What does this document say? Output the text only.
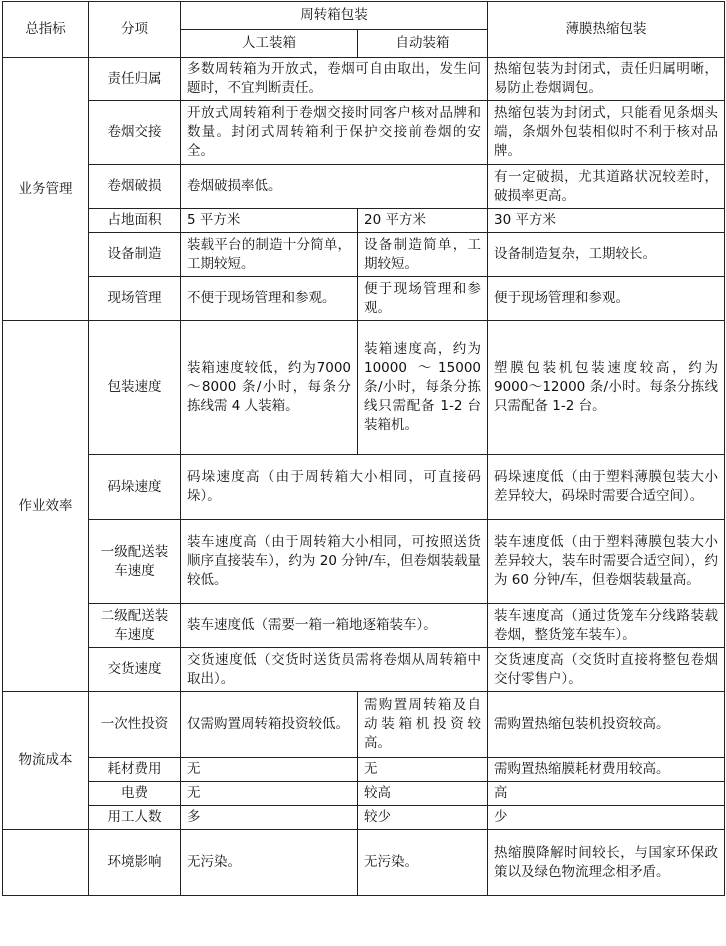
总指标	分项	周转箱包装		薄膜热缩包装
		人工装箱	自动装箱	
业务管理	责任归属	多数周转箱为开放式，卷烟可自由取出，发生问题时，不宜判断责任。		热缩包装为封闭式，责任归属明晰，易防止卷烟调包。
	卷烟交接	开放式周转箱利于卷烟交接时同客户核对品牌和数量。封闭式周转箱利于保护交接前卷烟的安全。		热缩包装为封闭式，只能看见条烟头端，条烟外包装相似时不利于核对品牌。
	卷烟破损	卷烟破损率低。		有一定破损，尤其道路状况较差时，破损率更高。
	占地面积	5 平方米	20 平方米	30 平方米
	设备制造	装载平台的制造十分简单，工期较短。	设备制造简单，工期较短。	设备制造复杂，工期较长。
	现场管理	不便于现场管理和参观。	便于现场管理和参观。	便于现场管理和参观。
作业效率	包装速度	装箱速度较低，约为7000 ～8000 条/小时，每条分拣线需 4 人装箱。	装箱速度高，约为 10000 ～15000条/小时，每条分拣线只需配备 1-2 台装箱机。	塑膜包装机包装速度较高，约为 9000～12000 条/小时。每条分拣线只需配备 1-2 台。
	码垛速度	码垛速度高（由于周转箱大小相同，可直接码垛）。		码垛速度低（由于塑料薄膜包装大小差异较大，码垛时需要合适空间）。
	一级配送装车速度	装车速度高（由于周转箱大小相同，可按照送货顺序直接装车），约为 20 分钟/车，但卷烟装载量较低。		装车速度低（由于塑料薄膜包装大小差异较大，装车时需要合适空间），约为 60 分钟/车，但卷烟装载量高。
	二级配送装车速度	装车速度低（需要一箱一箱地逐箱装车）。		装车速度高（通过货笼车分线路装载卷烟，整货笼车装车）。
	交货速度	交货速度低（交货时送货员需将卷烟从周转箱中取出）。		交货速度高（交货时直接将整包卷烟交付零售户）。
物流成本	一次性投资	仅需购置周转箱投资较低。	需购置周转箱及自动装箱机投资较高。	需购置热缩包装机投资较高。
	耗材费用	无	无	需购置热缩膜耗材费用较高。
	电费	无	较高	高
	用工人数	多	较少	少
	环境影响	无污染。	无污染。	热缩膜降解时间较长，与国家环保政策以及绿色物流理念相矛盾。
